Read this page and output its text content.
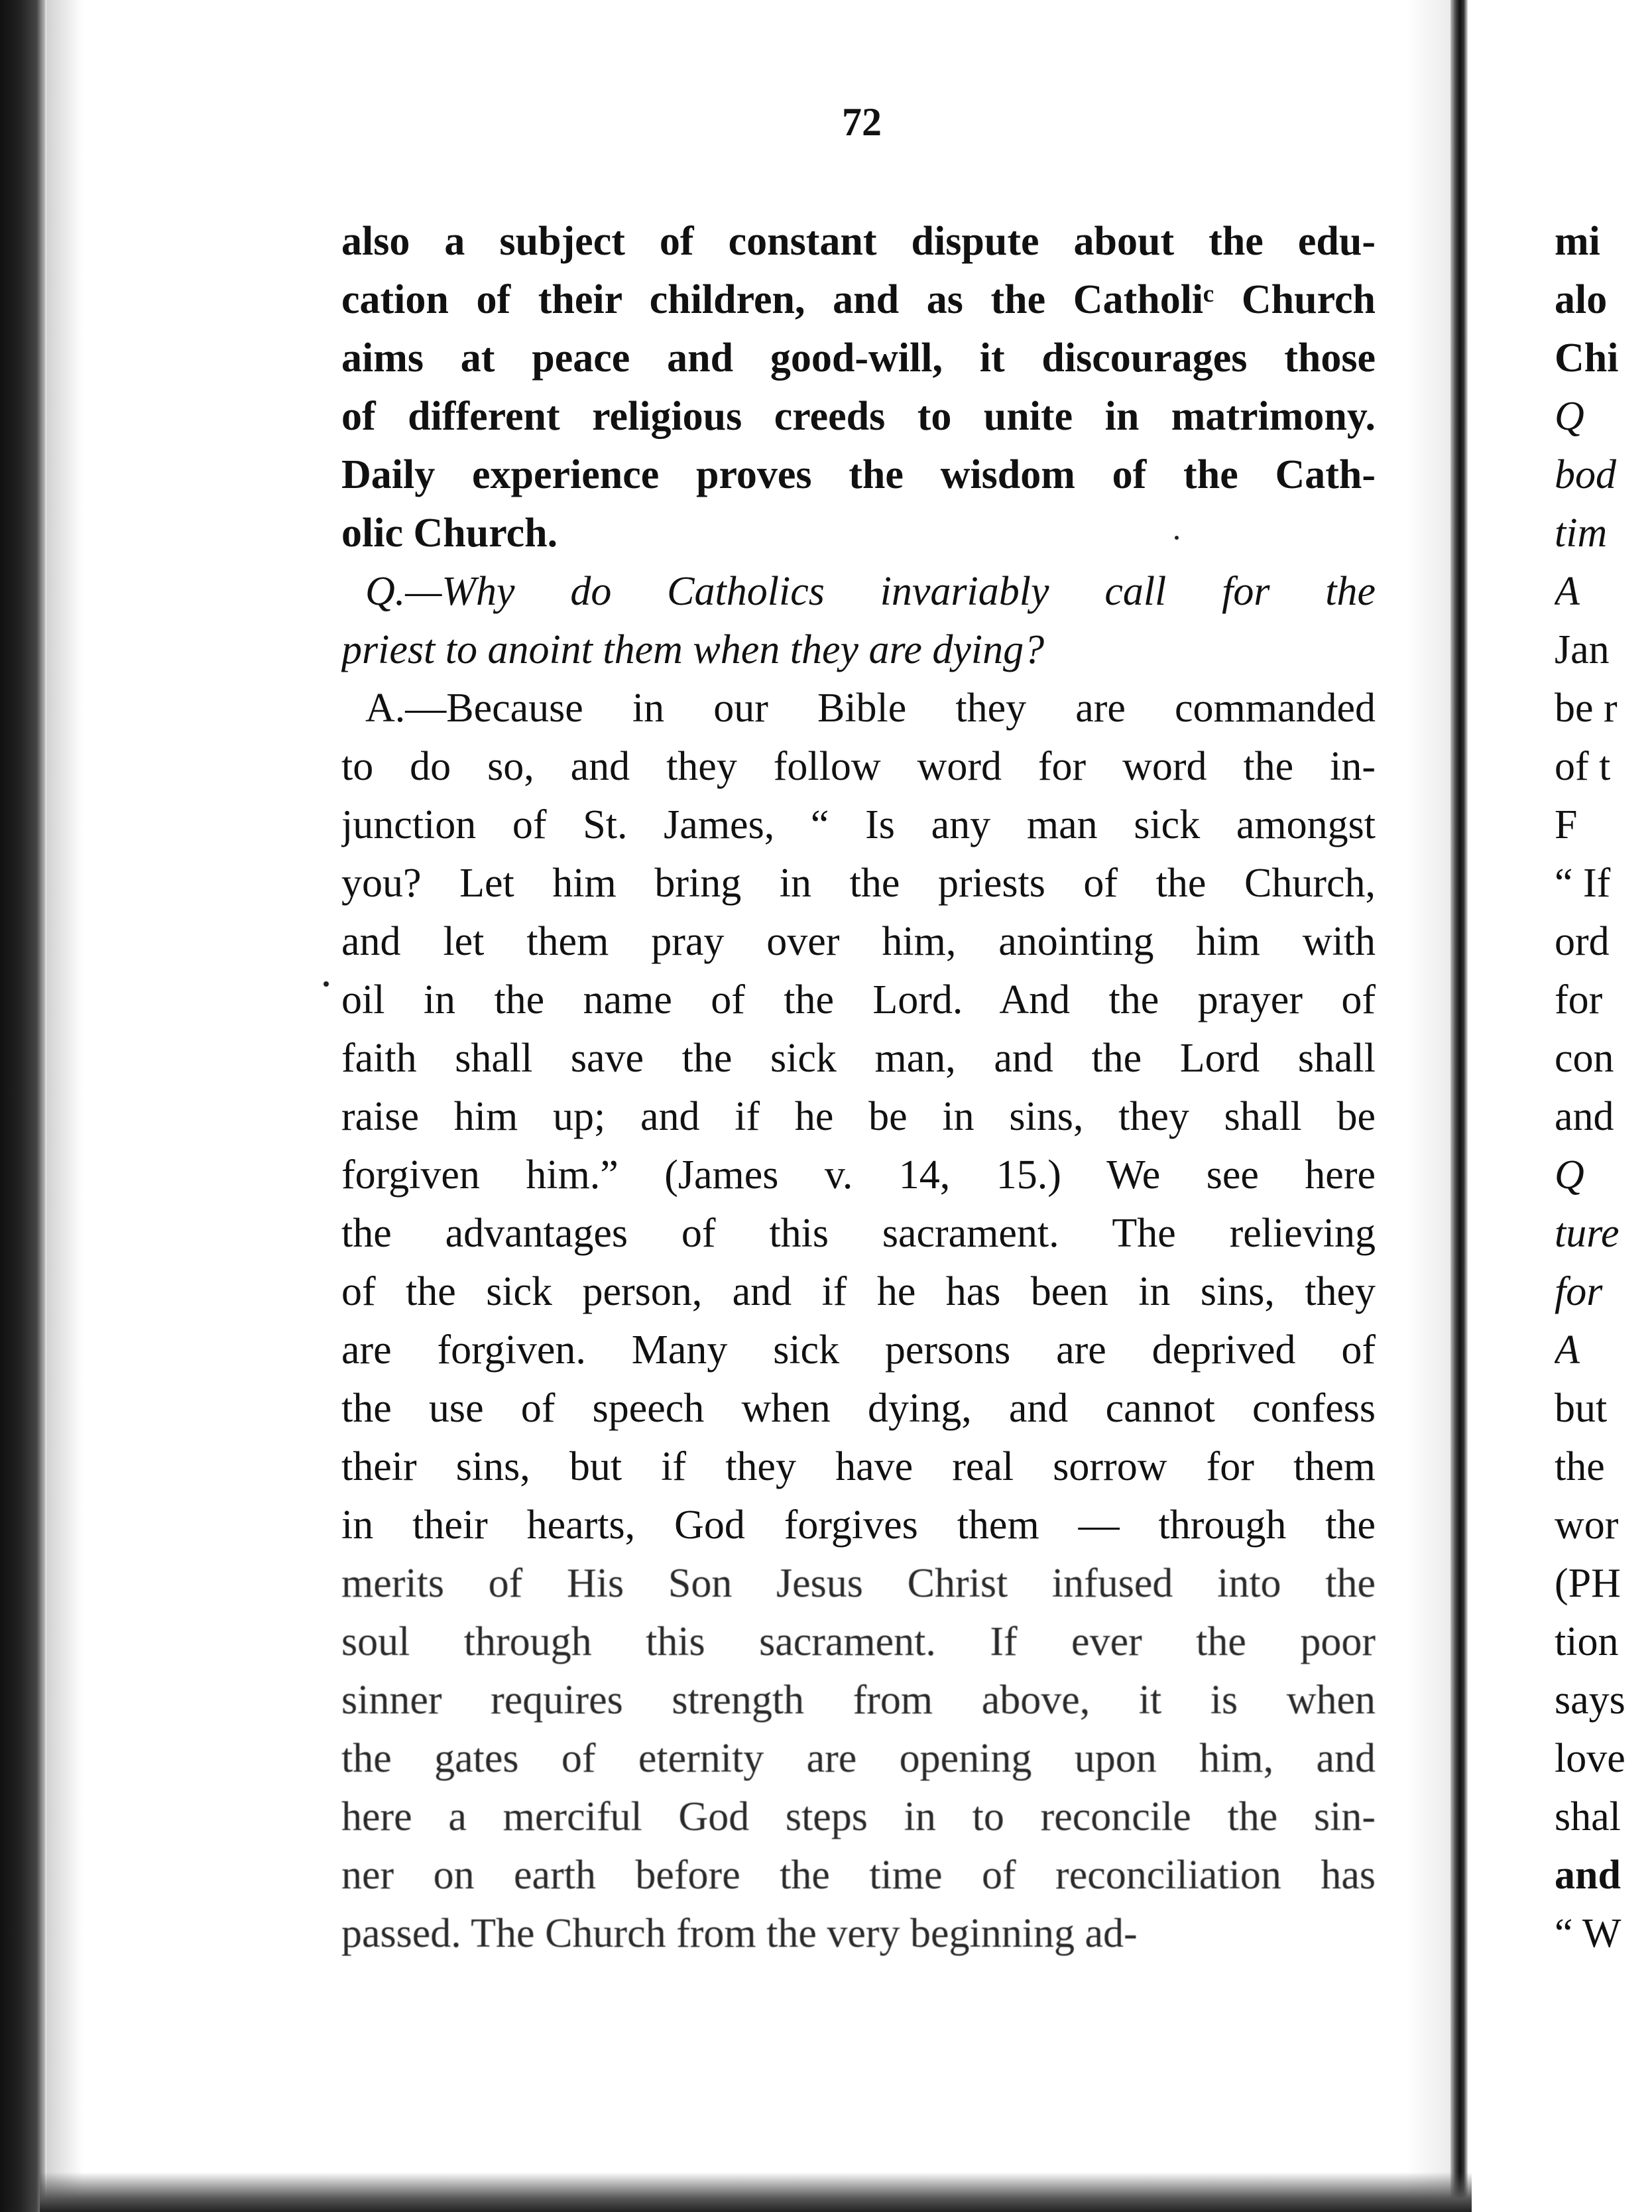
72
also a subject of constant dispute about the edu-
cation of their children, and as the Catholiᶜ Church
aims at peace and good-will, it discourages those
of different religious creeds to unite in matrimony.
Daily experience proves the wisdom of the Cath-
olic Church.
Q.—Why do Catholics invariably call for the
priest to anoint them when they are dying?
A.—Because in our Bible they are commanded
to do so, and they follow word for word the in-
junction of St. James, “ Is any man sick amongst
you? Let him bring in the priests of the Church,
and let them pray over him, anointing him with
oil in the name of the Lord. And the prayer of
faith shall save the sick man, and the Lord shall
raise him up; and if he be in sins, they shall be
forgiven him.” (James v. 14, 15.) We see here
the advantages of this sacrament. The relieving
of the sick person, and if he has been in sins, they
are forgiven. Many sick persons are deprived of
the use of speech when dying, and cannot confess
their sins, but if they have real sorrow for them
in their hearts, God forgives them — through the
merits of His Son Jesus Christ infused into the
soul through this sacrament. If ever the poor
sinner requires strength from above, it is when
the gates of eternity are opening upon him, and
here a merciful God steps in to reconcile the sin-
ner on earth before the time of reconciliation has
passed. The Church from the very beginning ad-
mi
alo
Chi
Q
bod
tim
A
Jan
be r
of t
F
“ If
ord
for
con
and
Q
ture
for
A
but
the
wor
(PH
tion
says
love
shal
and
“ W
